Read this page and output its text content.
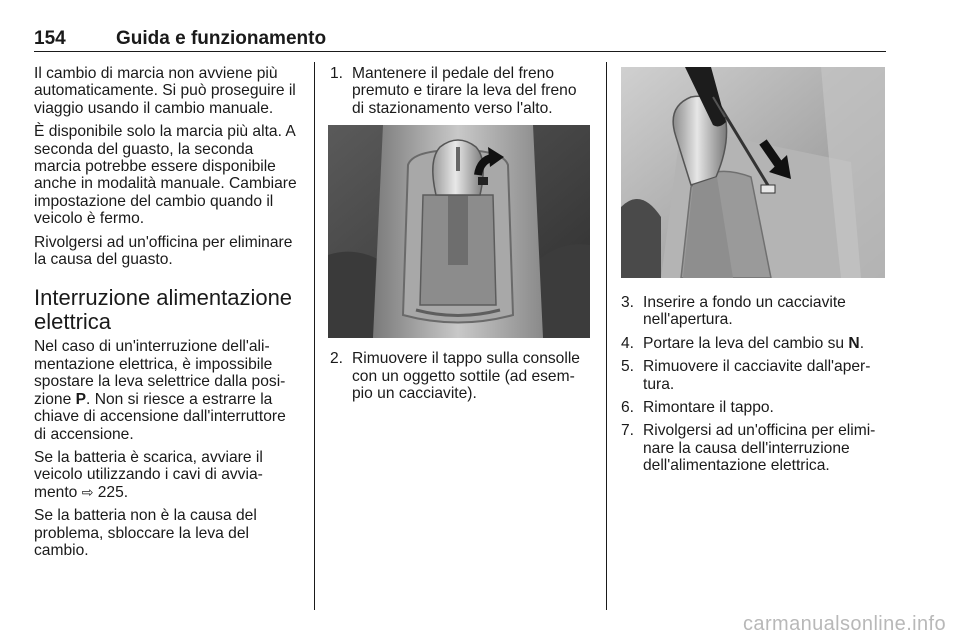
154	Guida e funzionamento

Il cambio di marcia non avviene più automaticamente. Si può proseguire il viaggio usando il cambio manuale.

È disponibile solo la marcia più alta. A seconda del guasto, la seconda marcia potrebbe essere disponibile anche in modalità manuale. Cambiare impostazione del cambio quando il veicolo è fermo.

Rivolgersi ad un'officina per eliminare la causa del guasto.

Interruzione alimentazione elettrica

Nel caso di un'interruzione dell'ali-mentazione elettrica, è impossibile spostare la leva selettrice dalla posi-zione P. Non si riesce a estrarre la chiave di accensione dall'interruttore di accensione.

Se la batteria è scarica, avviare il veicolo utilizzando i cavi di avvia-mento ⇨ 225.

Se la batteria non è la causa del problema, sbloccare la leva del cambio.

1. Mantenere il pedale del freno premuto e tirare la leva del freno di stazionamento verso l'alto.
2. Rimuovere il tappo sulla consolle con un oggetto sottile (ad esem-pio un cacciavite).
3. Inserire a fondo un cacciavite nell'apertura.
4. Portare la leva del cambio su N.
5. Rimuovere il cacciavite dall'aper-tura.
6. Rimontare il tappo.
7. Rivolgersi ad un'officina per elimi-nare la causa dell'interruzione dell'alimentazione elettrica.
carmanualsonline.info
